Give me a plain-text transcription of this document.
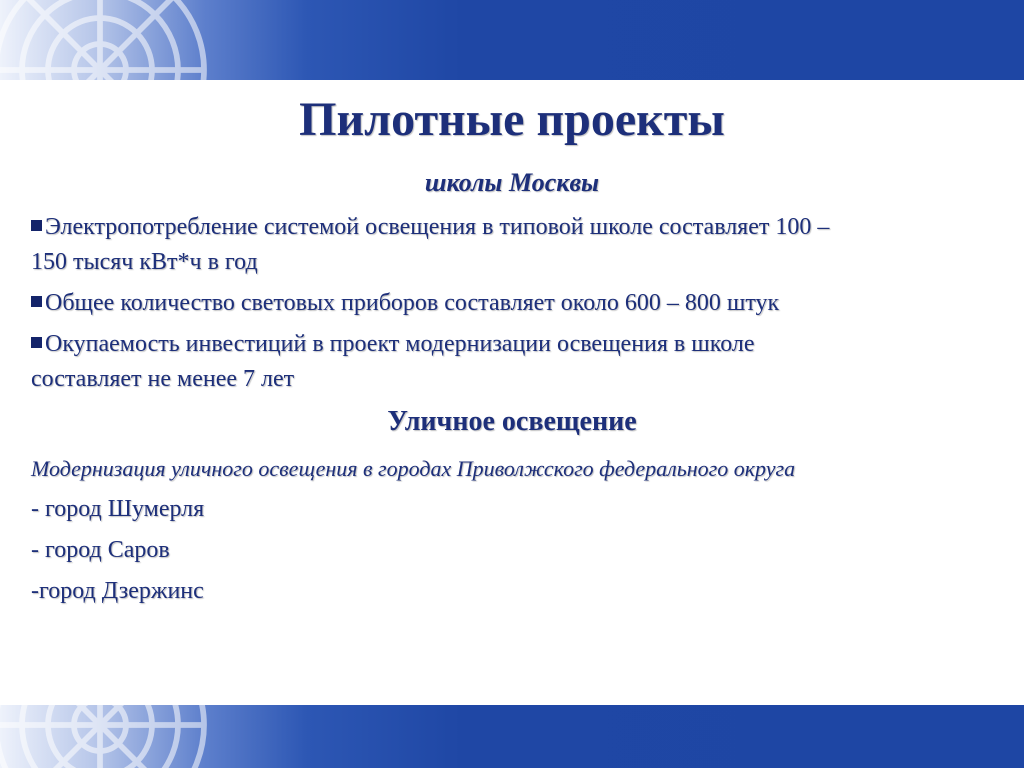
Пилотные проекты
школы Москвы
Электропотребление системой освещения в типовой школе составляет 100 –
150 тысяч кВт*ч в год
Общее количество световых приборов составляет около 600 – 800 штук
Окупаемость инвестиций в проект модернизации освещения в школе
составляет не менее 7 лет
Уличное освещение
Модернизация уличного освещения в городах Приволжского федерального округа
- город Шумерля
- город Саров
-город Дзержинс
